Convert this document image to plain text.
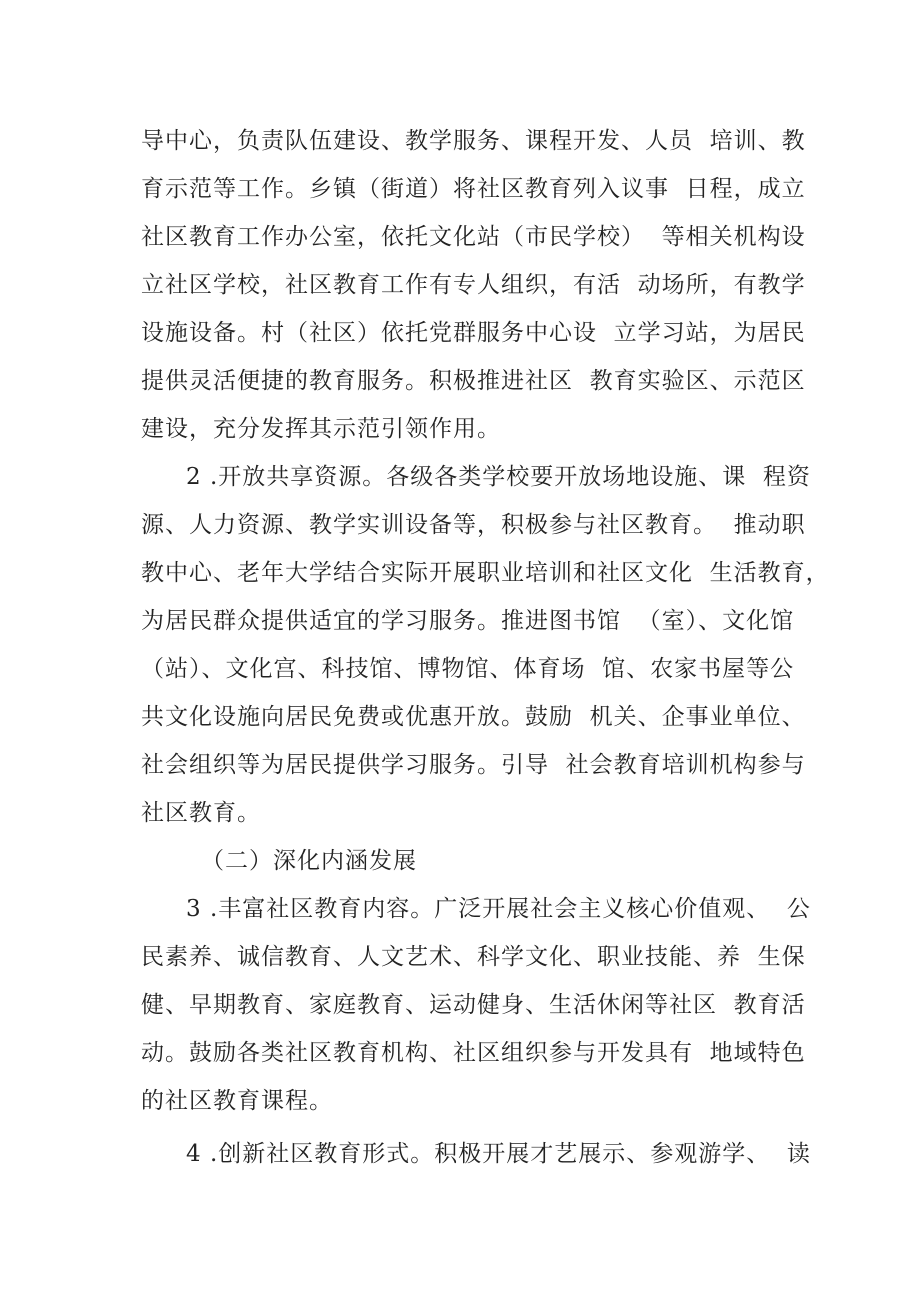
导中心，负责队伍建设、教学服务、课程开发、人员  培训、教
育示范等工作。乡镇（街道）将社区教育列入议事  日程，成立
社区教育工作办公室，依托文化站（市民学校）  等相关机构设
立社区学校，社区教育工作有专人组织，有活  动场所，有教学
设施设备。村（社区）依托党群服务中心设  立学习站，为居民
提供灵活便捷的教育服务。积极推进社区  教育实验区、示范区
建设，充分发挥其示范引领作用。
2 .开放共享资源。各级各类学校要开放场地设施、课  程资
源、人力资源、教学实训设备等，积极参与社区教育。  推动职
教中心、老年大学结合实际开展职业培训和社区文化  生活教育，
为居民群众提供适宜的学习服务。推进图书馆  （室）、文化馆
（站）、文化宫、科技馆、博物馆、体育场  馆、农家书屋等公
共文化设施向居民免费或优惠开放。鼓励  机关、企事业单位、
社会组织等为居民提供学习服务。引导  社会教育培训机构参与
社区教育。
（二）深化内涵发展
3 .丰富社区教育内容。广泛开展社会主义核心价值观、  公
民素养、诚信教育、人文艺术、科学文化、职业技能、养  生保
健、早期教育、家庭教育、运动健身、生活休闲等社区  教育活
动。鼓励各类社区教育机构、社区组织参与开发具有  地域特色
的社区教育课程。
4 .创新社区教育形式。积极开展才艺展示、参观游学、  读
